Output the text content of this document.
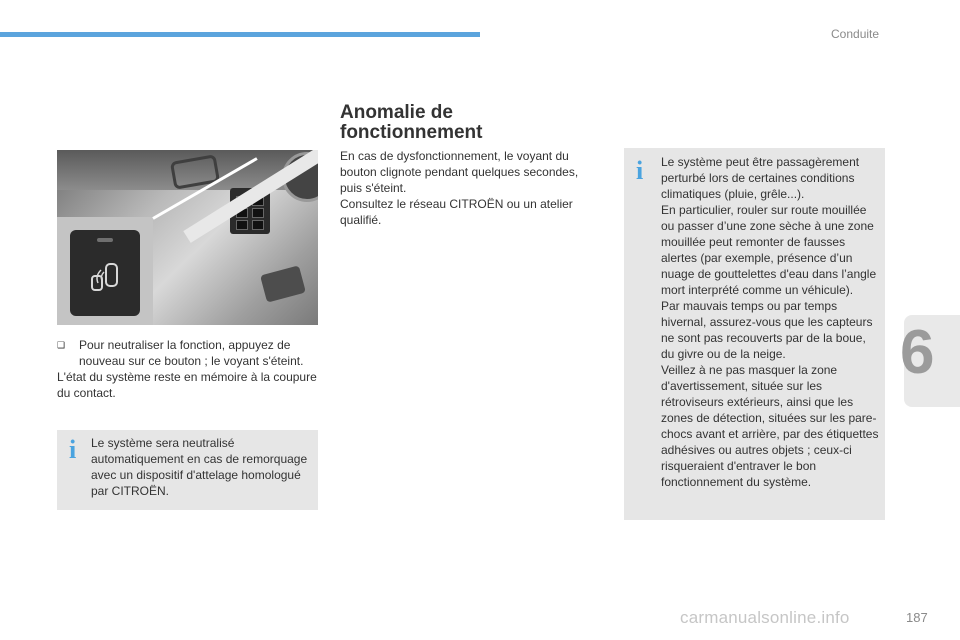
Conduite
6
❑ Pour neutraliser la fonction, appuyez de nouveau sur ce bouton ; le voyant s'éteint.

L'état du système reste en mémoire à la coupure du contact.

i Le système sera neutralisé automatiquement en cas de remorquage avec un dispositif d'attelage homologué par CITROËN.

Anomalie de fonctionnement
En cas de dysfonctionnement, le voyant du bouton clignote pendant quelques secondes, puis s'éteint.
Consultez le réseau CITROËN ou un atelier qualifié.
i Le système peut être passagèrement perturbé lors de certaines conditions climatiques (pluie, grêle...).
En particulier, rouler sur route mouillée ou passer d’une zone sèche à une zone mouillée peut remonter de fausses alertes (par exemple, présence d’un nuage de gouttelettes d'eau dans l’angle mort interprété comme un véhicule).
Par mauvais temps ou par temps hivernal, assurez-vous que les capteurs ne sont pas recouverts par de la boue, du givre ou de la neige.
Veillez à ne pas masquer la zone d'avertissement, située sur les rétroviseurs extérieurs, ainsi que les zones de détection, situées sur les pare-chocs avant et arrière, par des étiquettes adhésives ou autres objets ; ceux-ci risqueraient d'entraver le bon fonctionnement du système.
carmanualsonline.info	187
